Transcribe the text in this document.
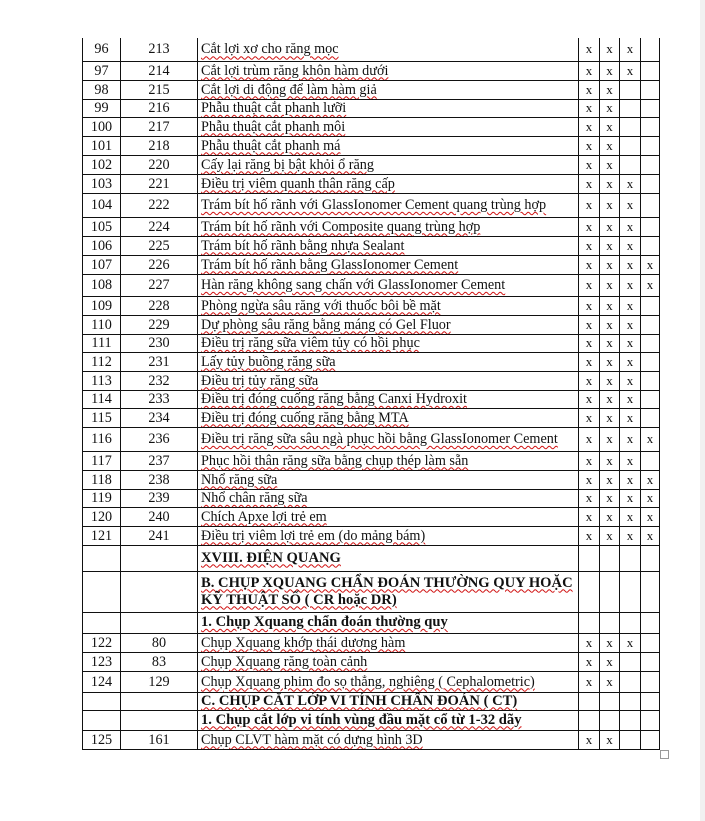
96	213	Cắt lợi xơ cho răng mọc	x	x	x	
97	214	Cắt lợi trùm răng khôn hàm dưới	x	x	x	
98	215	Cắt lợi di động để làm hàm giả	x	x		
99	216	Phẫu thuật cắt phanh lưỡi	x	x		
100	217	Phẫu thuật cắt phanh môi	x	x		
101	218	Phẫu thuật cắt phanh má	x	x		
102	220	Cấy lại răng bị bật khỏi ổ răng	x	x		
103	221	Điều trị viêm quanh thân răng cấp	x	x	x	
104	222	Trám bít hố rãnh với GlassIonomer Cement quang trùng hợp	x	x	x	
105	224	Trám bít hố rãnh với Composite quang trùng hợp	x	x	x	
106	225	Trám bít hố rãnh bằng nhựa Sealant	x	x	x	
107	226	Trám bít hố rãnh bằng GlassIonomer Cement	x	x	x	x
108	227	Hàn răng không sang chấn với GlassIonomer Cement	x	x	x	x
109	228	Phòng ngừa sâu răng với thuốc bôi bề mặt	x	x	x	
110	229	Dự phòng sâu răng bằng máng có Gel Fluor	x	x	x	
111	230	Điều trị răng sữa viêm tủy có hồi phục	x	x	x	
112	231	Lấy tủy buồng răng sữa	x	x	x	
113	232	Điều trị tủy răng sữa	x	x	x	
114	233	Điều trị đóng cuống răng bằng Canxi Hydroxit	x	x	x	
115	234	Điều trị đóng cuống răng bằng MTA	x	x	x	
116	236	Điều trị răng sữa sâu ngà phục hồi bằng GlassIonomer Cement	x	x	x	x
117	237	Phục hồi thân răng sữa bằng chụp thép làm sẵn	x	x	x	
118	238	Nhổ răng sữa	x	x	x	x
119	239	Nhổ chân răng sữa	x	x	x	x
120	240	Chích Apxe lợi trẻ em	x	x	x	x
121	241	Điều trị viêm lợi trẻ em (do mảng bám)	x	x	x	x
		XVIII. ĐIỆN QUANG				
		B. CHỤP XQUANG CHẨN ĐOÁN THƯỜNG QUY HOẶC KỸ THUẬT SỐ ( CR hoặc DR)				
		1. Chụp Xquang chẩn đoán thường quy				
122	80	Chụp Xquang khớp thái dương hàm	x	x	x	
123	83	Chụp Xquang răng toàn cảnh	x	x		
124	129	Chụp Xquang phim đo sọ thẳng, nghiêng ( Cephalometric)	x	x		
		C. CHỤP CẮT LỚP VI TÍNH CHẨN ĐOÁN ( CT)				
		1. Chụp cắt lớp vi tính vùng đầu mặt cổ từ 1-32 dãy				
125	161	Chụp CLVT hàm mặt có dựng hình 3D	x	x		
